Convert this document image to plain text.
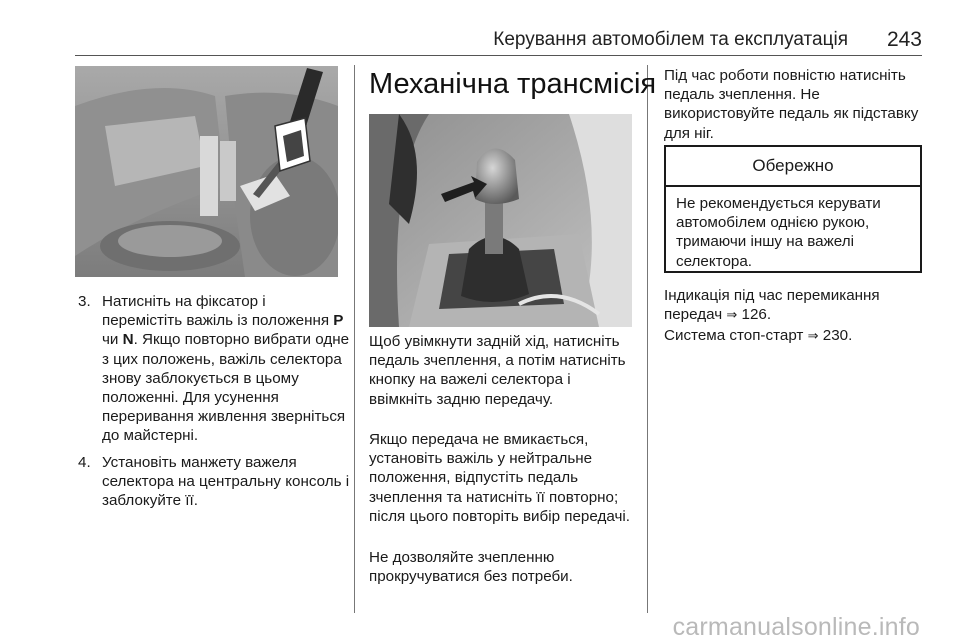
Керування автомобілем та експлуатація 243
3. Натисніть на фіксатор і перемістіть важіль із положення P чи N. Якщо повторно вибрати одне з цих положень, важіль селектора знову заблокується в цьому положенні. Для усунення переривання живлення зверніться до майстерні.
4. Установіть манжету важеля селектора на центральну консоль і заблокуйте її.
Механічна трансмісія

Щоб увімкнути задній хід, натисніть педаль зчеплення, а потім натисніть кнопку на важелі селектора і ввімкніть задню передачу.

Якщо передача не вмикається, установіть важіль у нейтральне положення, відпустіть педаль зчеплення та натисніть її повторно; після цього повторіть вибір передачі.

Не дозволяйте зчепленню прокручуватися без потреби.

Під час роботи повністю натисніть педаль зчеплення. Не використовуйте педаль як підставку для ніг.

Обережно
Не рекомендується керувати автомобілем однією рукою, тримаючи іншу на важелі селектора.

Індикація під час перемикання передач ⇒ 126.

Система стоп-старт ⇒ 230.

carmanualsonline.info
